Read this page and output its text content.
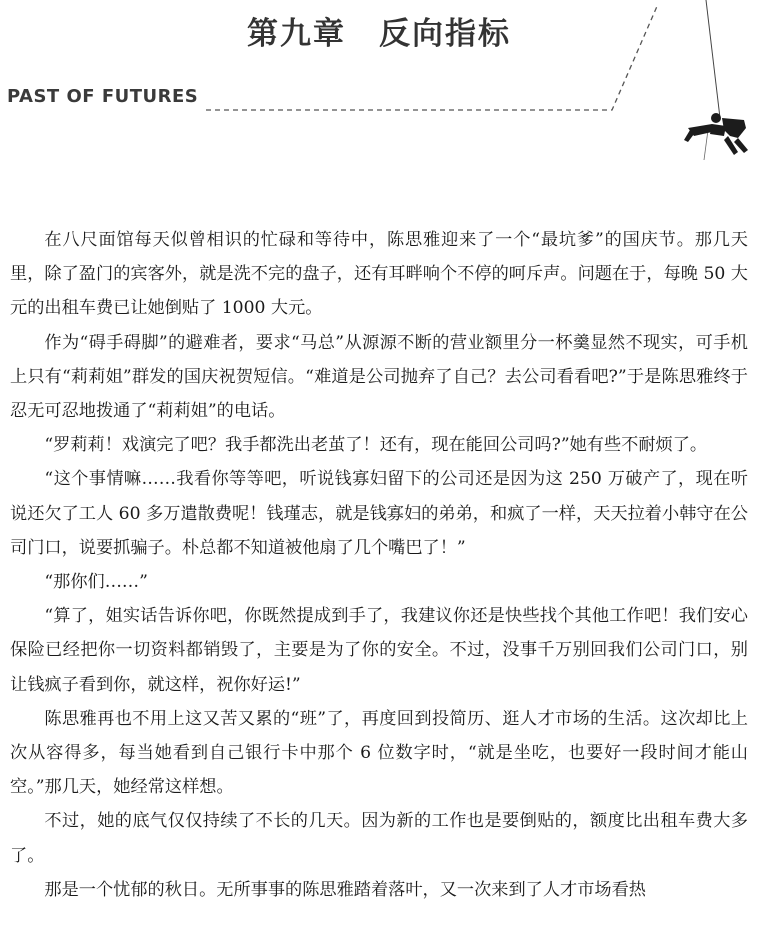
第九章　反向指标
PAST OF FUTURES

在八尺面馆每天似曾相识的忙碌和等待中，陈思雅迎来了一个“最坑爹”的国庆节。那几天里，除了盈门的宾客外，就是洗不完的盘子，还有耳畔响个不停的呵斥声。问题在于，每晚 50 大元的出租车费已让她倒贴了 1000 大元。

作为“碍手碍脚”的避难者，要求“马总”从源源不断的营业额里分一杯羹显然不现实，可手机上只有“莉莉姐”群发的国庆祝贺短信。“难道是公司抛弃了自己？去公司看看吧?”于是陈思雅终于忍无可忍地拨通了“莉莉姐”的电话。

“罗莉莉！戏演完了吧？我手都洗出老茧了！还有，现在能回公司吗?”她有些不耐烦了。

“这个事情嘛……我看你等等吧，听说钱寡妇留下的公司还是因为这 250 万破产了，现在听说还欠了工人 60 多万遣散费呢！钱瑾志，就是钱寡妇的弟弟，和疯了一样，天天拉着小韩守在公司门口，说要抓骗子。朴总都不知道被他扇了几个嘴巴了！”

“那你们……”

“算了，姐实话告诉你吧，你既然提成到手了，我建议你还是快些找个其他工作吧！我们安心保险已经把你一切资料都销毁了，主要是为了你的安全。不过，没事千万别回我们公司门口，别让钱疯子看到你，就这样，祝你好运!”

陈思雅再也不用上这又苦又累的“班”了，再度回到投简历、逛人才市场的生活。这次却比上次从容得多，每当她看到自己银行卡中那个 6 位数字时，“就是坐吃，也要好一段时间才能山空。”那几天，她经常这样想。

不过，她的底气仅仅持续了不长的几天。因为新的工作也是要倒贴的，额度比出租车费大多了。

那是一个忧郁的秋日。无所事事的陈思雅踏着落叶，又一次来到了人才市场看热
